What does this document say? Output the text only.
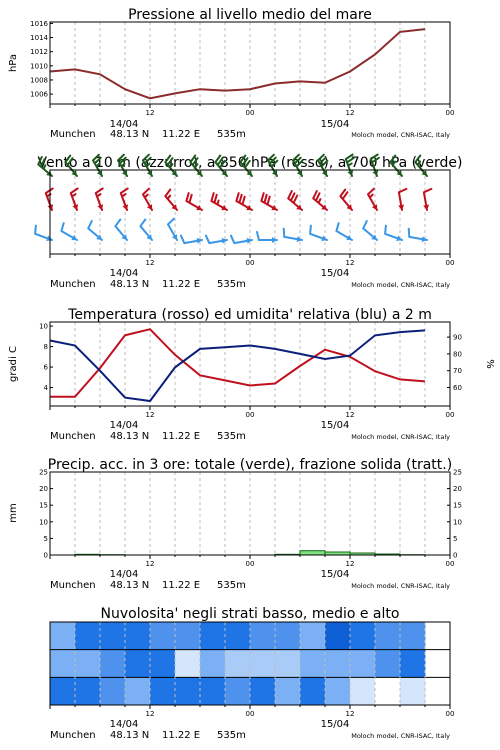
Pressione al livello medio del mare
hPa
1006
1008
1010
1012
1014
1016
12	00	12	00
14/04	15/04
Munchen 48.13 N 11.22 E 535m	Moloch model, CNR-ISAC, Italy
Vento a 10 m (azzurro), a 850 hPa (rosso), a 700 hPa (verde)
12	00	12	00
14/04	15/04
Munchen 48.13 N 11.22 E 535m	Moloch model, CNR-ISAC, Italy
Temperatura (rosso) ed umidita' relativa (blu) a 2 m
gradi C	%
4
6
8
10
60
70
80
90
12	00	12	00
14/04	15/04
Munchen 48.13 N 11.22 E 535m	Moloch model, CNR-ISAC, Italy
Precip. acc. in 3 ore: totale (verde), frazione solida (tratt.)
mm
0
5
10
15
20
25
0
5
10
15
20
25
12	00	12	00
14/04	15/04
Munchen 48.13 N 11.22 E 535m	Moloch model, CNR-ISAC, Italy
Nuvolosita' negli strati basso, medio e alto
12	00	12	00
14/04	15/04
Munchen 48.13 N 11.22 E 535m	Moloch model, CNR-ISAC, Italy
